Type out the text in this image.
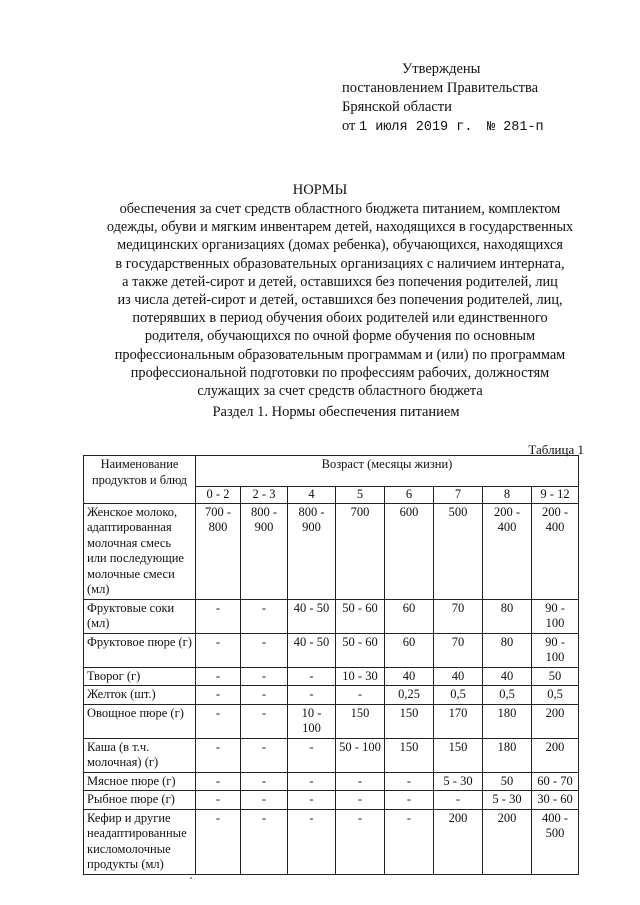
Утверждены
постановлением Правительства
Брянской области
от 1 июля 2019 г. № 281-п
НОРМЫ
обеспечения за счет средств областного бюджета питанием, комплектом
одежды, обуви и мягким инвентарем детей, находящихся в государственных
медицинских организациях (домах ребенка), обучающихся, находящихся
в государственных образовательных организациях с наличием интерната,
а также детей-сирот и детей, оставшихся без попечения родителей, лиц
из числа детей-сирот и детей, оставшихся без попечения родителей, лиц,
потерявших в период обучения обоих родителей или единственного
родителя, обучающихся по очной форме обучения по основным
профессиональным образовательным программам и (или) по программам
профессиональной подготовки по профессиям рабочих, должностям
служащих за счет средств областного бюджета
Раздел 1. Нормы обеспечения питанием
Таблица 1
Наименование продуктов и блюд	Возраст (месяцы жизни)							
	0 - 2	2 - 3	4	5	6	7	8	9 - 12
Женское молоко, адаптированная молочная смесь или последующие молочные смеси (мл)	700 - 800	800 - 900	800 - 900	700	600	500	200 - 400	200 - 400
Фруктовые соки (мл)	-	-	40 - 50	50 - 60	60	70	80	90 - 100
Фруктовое пюре (г)	-	-	40 - 50	50 - 60	60	70	80	90 - 100
Творог (г)	-	-	-	10 - 30	40	40	40	50
Желток (шт.)	-	-	-	-	0,25	0,5	0,5	0,5
Овощное пюре (г)	-	-	10 - 100	150	150	170	180	200
Каша (в т.ч. молочная) (г)	-	-	-	50 - 100	150	150	180	200
Мясное пюре (г)	-	-	-	-	-	5 - 30	50	60 - 70
Рыбное пюре (г)	-	-	-	-	-	-	5 - 30	30 - 60
Кефир и другие неадаптированные кисломолочные продукты (мл)	-	-	-	-	-	200	200	400 - 500
